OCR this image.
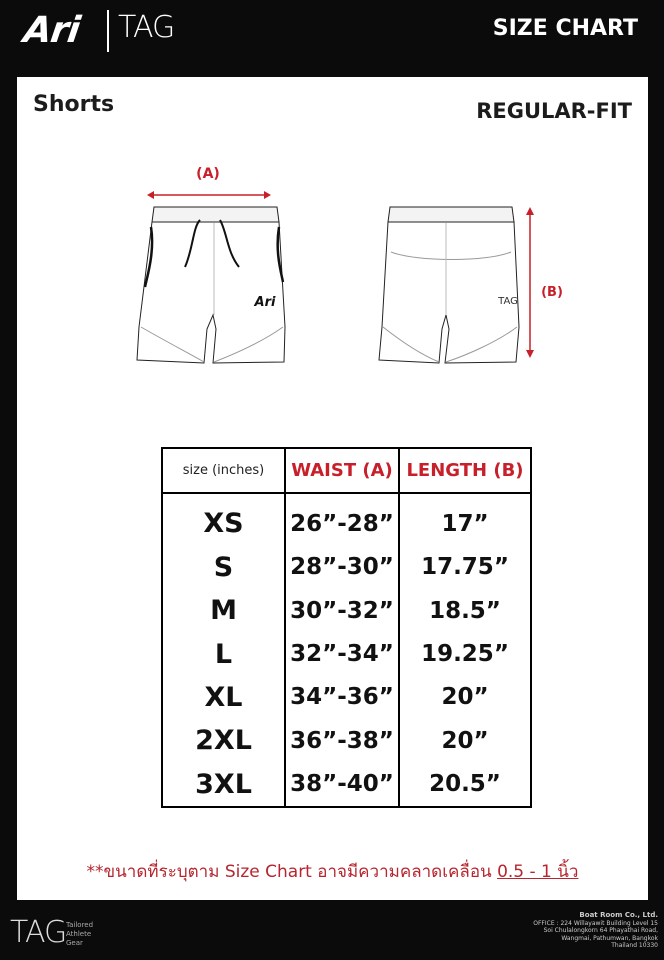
Ari TAG	SIZE CHART
Shorts	REGULAR-FIT
(A)
Ari	TAG
(B)
size (inches)	WAIST (A)	LENGTH (B)
XS	26”-28”	17”
S	28”-30”	17.75”
M	30”-32”	18.5”
L	32”-34”	19.25”
XL	34”-36”	20”
2XL	36”-38”	20”
3XL	38”-40”	20.5”
**ขนาดที่ระบุตาม Size Chart อาจมีความคลาดเคลื่อน 0.5 - 1 นิ้ว
TAG Tailored
Athlete
Gear
Boat Room Co., Ltd.
OFFICE : 224 Willayawit Building Level 15
Soi Chulalongkorn 64 Phayathai Road,
Wangmai, Pathumwan, Bangkok
Thailand 10330
